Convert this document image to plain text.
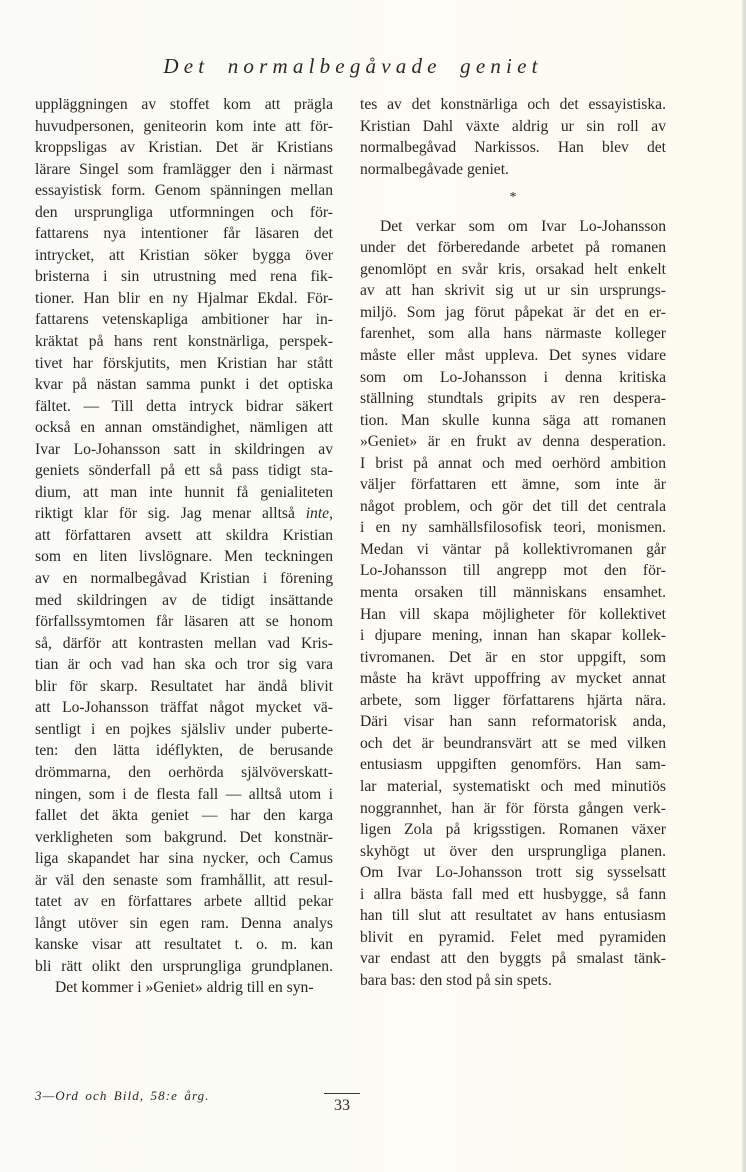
Det normalbegåvade geniet
uppläggningen av stoffet kom att prägla
huvudpersonen, geniteorin kom inte att för-
kroppsligas av Kristian. Det är Kristians
lärare Singel som framlägger den i närmast
essayistisk form. Genom spänningen mellan
den ursprungliga utformningen och för-
fattarens nya intentioner får läsaren det
intrycket, att Kristian söker bygga över
bristerna i sin utrustning med rena fik-
tioner. Han blir en ny Hjalmar Ekdal. För-
fattarens vetenskapliga ambitioner har in-
kräktat på hans rent konstnärliga, perspek-
tivet har förskjutits, men Kristian har stått
kvar på nästan samma punkt i det optiska
fältet. — Till detta intryck bidrar säkert
också en annan omständighet, nämligen att
Ivar Lo-Johansson satt in skildringen av
geniets sönderfall på ett så pass tidigt sta-
dium, att man inte hunnit få genialiteten
riktigt klar för sig. Jag menar alltså inte,
att författaren avsett att skildra Kristian
som en liten livslögnare. Men teckningen
av en normalbegåvad Kristian i förening
med skildringen av de tidigt insättande
förfallssymtomen får läsaren att se honom
så, därför att kontrasten mellan vad Kris-
tian är och vad han ska och tror sig vara
blir för skarp. Resultatet har ändå blivit
att Lo-Johansson träffat något mycket vä-
sentligt i en pojkes själsliv under puberte-
ten: den lätta idéflykten, de berusande
drömmarna, den oerhörda självöverskatt-
ningen, som i de flesta fall — alltså utom i
fallet det äkta geniet — har den karga
verkligheten som bakgrund. Det konstnär-
liga skapandet har sina nycker, och Camus
är väl den senaste som framhållit, att resul-
tatet av en författares arbete alltid pekar
långt utöver sin egen ram. Denna analys
kanske visar att resultatet t. o. m. kan
bli rätt olikt den ursprungliga grundplanen.
Det kommer i »Geniet» aldrig till en syn-
tes av det konstnärliga och det essayistiska.
Kristian Dahl växte aldrig ur sin roll av
normalbegåvad Narkissos. Han blev det
normalbegåvade geniet.
*
Det verkar som om Ivar Lo-Johansson
under det förberedande arbetet på romanen
genomlöpt en svår kris, orsakad helt enkelt
av att han skrivit sig ut ur sin ursprungs-
miljö. Som jag förut påpekat är det en er-
farenhet, som alla hans närmaste kolleger
måste eller måst uppleva. Det synes vidare
som om Lo-Johansson i denna kritiska
ställning stundtals gripits av ren despera-
tion. Man skulle kunna säga att romanen
»Geniet» är en frukt av denna desperation.
I brist på annat och med oerhörd ambition
väljer författaren ett ämne, som inte är
något problem, och gör det till det centrala
i en ny samhällsfilosofisk teori, monismen.
Medan vi väntar på kollektivromanen går
Lo-Johansson till angrepp mot den för-
menta orsaken till människans ensamhet.
Han vill skapa möjligheter för kollektivet
i djupare mening, innan han skapar kollek-
tivromanen. Det är en stor uppgift, som
måste ha krävt uppoffring av mycket annat
arbete, som ligger författarens hjärta nära.
Däri visar han sann reformatorisk anda,
och det är beundransvärt att se med vilken
entusiasm uppgiften genomförs. Han sam-
lar material, systematiskt och med minutiös
noggrannhet, han är för första gången verk-
ligen Zola på krigsstigen. Romanen växer
skyhögt ut över den ursprungliga planen.
Om Ivar Lo-Johansson trott sig sysselsatt
i allra bästa fall med ett husbygge, så fann
han till slut att resultatet av hans entusiasm
blivit en pyramid. Felet med pyramiden
var endast att den byggts på smalast tänk-
bara bas: den stod på sin spets.
3—Ord och Bild, 58:e årg.
33
